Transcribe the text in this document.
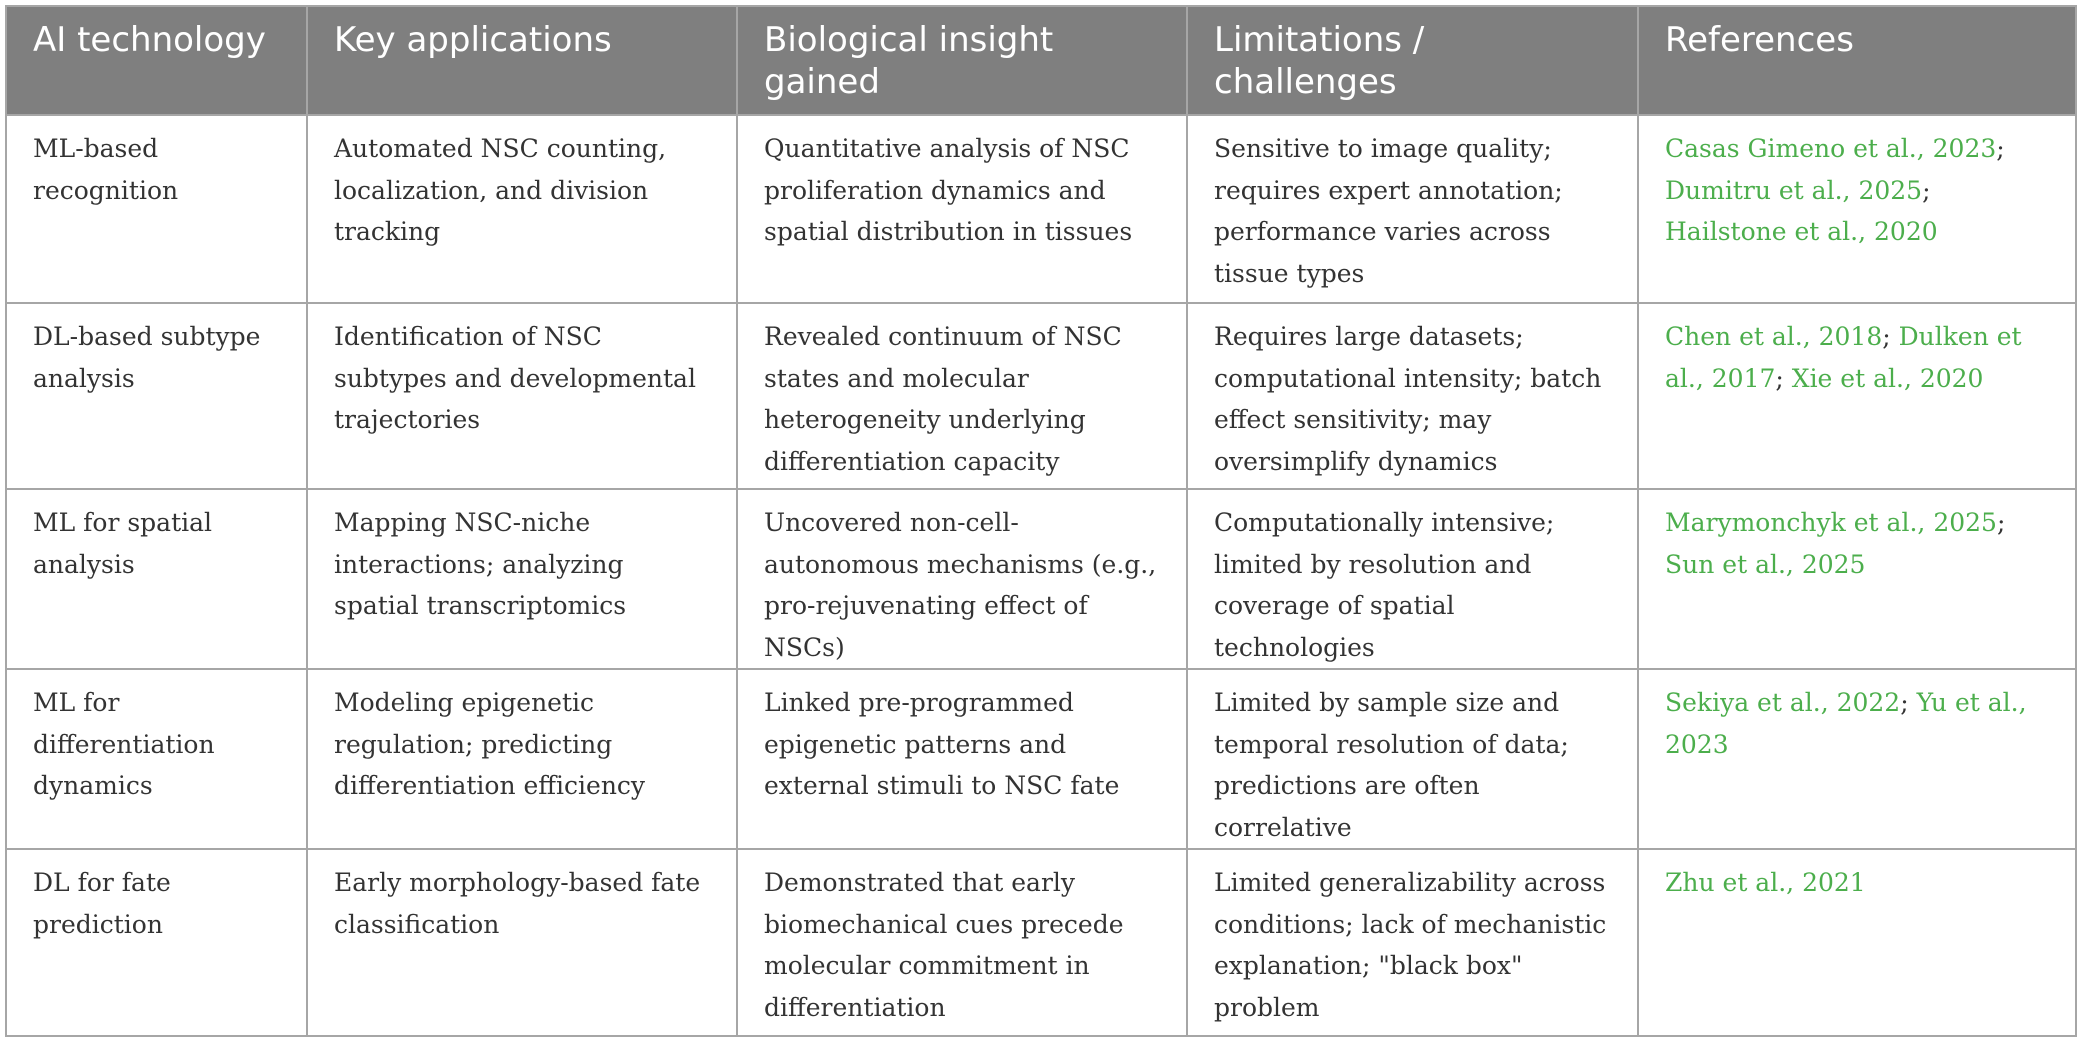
AI technology	Key applications	Biological insight gained	Limitations / challenges	References
ML-based recognition	Automated NSC counting, localization, and division tracking	Quantitative analysis of NSC proliferation dynamics and spatial distribution in tissues	Sensitive to image quality; requires expert annotation; performance varies across tissue types	Casas Gimeno et al., 2023; Dumitru et al., 2025; Hailstone et al., 2020
DL-based subtype analysis	Identification of NSC subtypes and developmental trajectories	Revealed continuum of NSC states and molecular heterogeneity underlying differentiation capacity	Requires large datasets; computational intensity; batch effect sensitivity; may oversimplify dynamics	Chen et al., 2018; Dulken et al., 2017; Xie et al., 2020
ML for spatial analysis	Mapping NSC-niche interactions; analyzing spatial transcriptomics	Uncovered non-cell-autonomous mechanisms (e.g., pro-rejuvenating effect of NSCs)	Computationally intensive; limited by resolution and coverage of spatial technologies	Marymonchyk et al., 2025; Sun et al., 2025
ML for differentiation dynamics	Modeling epigenetic regulation; predicting differentiation efficiency	Linked pre-programmed epigenetic patterns and external stimuli to NSC fate	Limited by sample size and temporal resolution of data; predictions are often correlative	Sekiya et al., 2022; Yu et al., 2023
DL for fate prediction	Early morphology-based fate classification	Demonstrated that early biomechanical cues precede molecular commitment in differentiation	Limited generalizability across conditions; lack of mechanistic explanation; "black box" problem	Zhu et al., 2021
